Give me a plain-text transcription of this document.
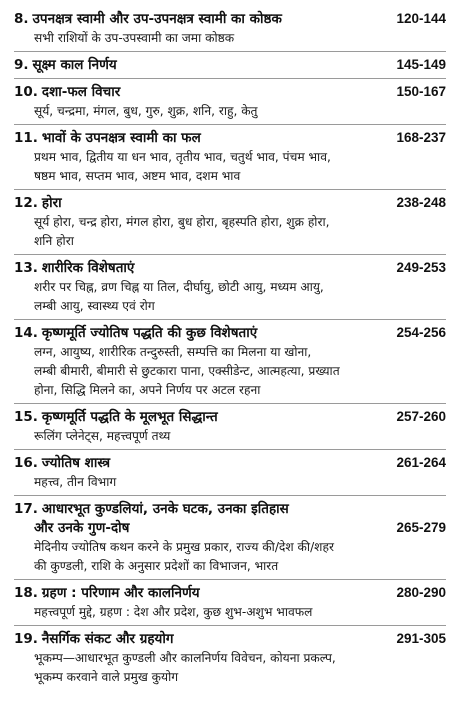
8. उपनक्षत्र स्वामी और उप-उपनक्षत्र स्वामी का कोष्ठक	120-144
सभी राशियों के उप-उपस्वामी का जमा कोष्ठक
9. सूक्ष्म काल निर्णय	145-149
10. दशा-फल विचार	150-167
सूर्य, चन्द्रमा, मंगल, बुध, गुरु, शुक्र, शनि, राहु, केतु
11. भावों के उपनक्षत्र स्वामी का फल	168-237
प्रथम भाव, द्वितीय या धन भाव, तृतीय भाव, चतुर्थ भाव, पंचम भाव,
षष्ठम भाव, सप्तम भाव, अष्टम भाव, दशम भाव
12. होरा	238-248
सूर्य होरा, चन्द्र होरा, मंगल होरा, बुध होरा, बृहस्पति होरा, शुक्र होरा,
शनि होरा
13. शारीरिक विशेषताएं	249-253
शरीर पर चिह्न, व्रण चिह्न या तिल, दीर्घायु, छोटी आयु, मध्यम आयु,
लम्बी आयु, स्वास्थ्य एवं रोग
14. कृष्णमूर्ति ज्योतिष पद्धति की कुछ विशेषताएं	254-256
लग्न, आयुष्य, शारीरिक तन्दुरुस्ती, सम्पत्ति का मिलना या खोना,
लम्बी बीमारी, बीमारी से छुटकारा पाना, एक्सीडेन्ट, आत्महत्या, प्रख्यात
होना, सिद्धि मिलने का, अपने निर्णय पर अटल रहना
15. कृष्णमूर्ति पद्धति के मूलभूत सिद्धान्त	257-260
रूलिंग प्लेनेट्स, महत्त्वपूर्ण तथ्य
16. ज्योतिष शास्त्र	261-264
महत्त्व, तीन विभाग
17. आधारभूत कुण्डलियां, उनके घटक, उनका इतिहास
और उनके गुण-दोष	265-279
मेदिनीय ज्योतिष कथन करने के प्रमुख प्रकार, राज्य की/देश की/शहर
की कुण्डली, राशि के अनुसार प्रदेशों का विभाजन, भारत
18. ग्रहण : परिणाम और कालनिर्णय	280-290
महत्त्वपूर्ण मुद्दे, ग्रहण : देश और प्रदेश, कुछ शुभ-अशुभ भावफल
19. नैसर्गिक संकट और ग्रहयोग	291-305
भूकम्प—आधारभूत कुण्डली और कालनिर्णय विवेचन, कोयना प्रकल्प,
भूकम्प करवाने वाले प्रमुख कुयोग
